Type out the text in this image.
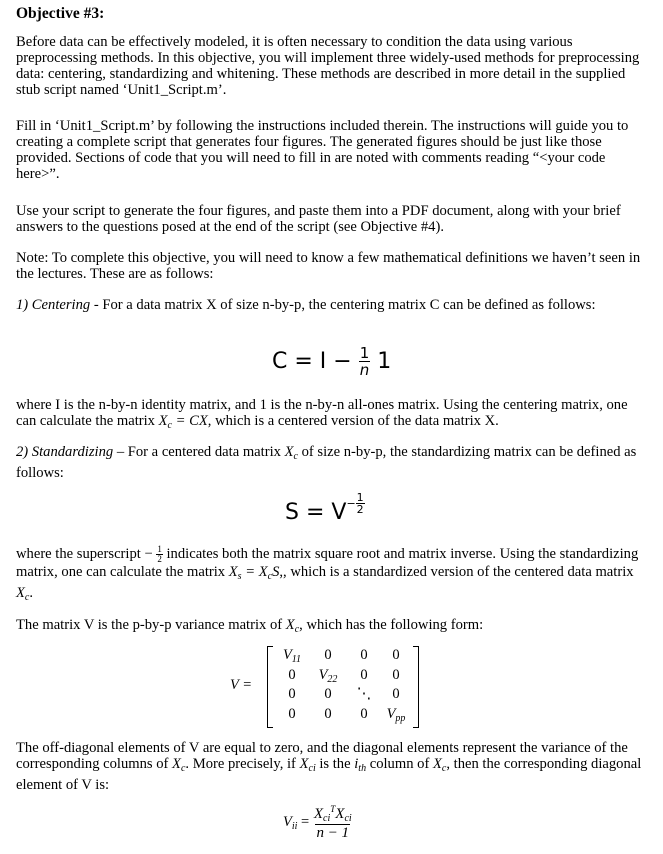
Objective #3:
Before data can be effectively modeled, it is often necessary to condition the data using various preprocessing methods. In this objective, you will implement three widely-used methods for preprocessing data: centering, standardizing and whitening. These methods are described in more detail in the supplied stub script named ‘Unit1_Script.m’.
Fill in ‘Unit1_Script.m’ by following the instructions included therein. The instructions will guide you to creating a complete script that generates four figures. The generated figures should be just like those provided. Sections of code that you will need to fill in are noted with comments reading “<your code here>”.
Use your script to generate the four figures, and paste them into a PDF document, along with your brief answers to the questions posed at the end of the script (see Objective #4).
Note: To complete this objective, you will need to know a few mathematical definitions we haven’t seen in the lectures. These are as follows:
1) Centering - For a data matrix X of size n-by-p, the centering matrix C can be defined as follows:
$C = I - \frac{1}{n} 1$
where I is the n-by-n identity matrix, and 1 is the n-by-n all-ones matrix. Using the centering matrix, one can calculate the matrix $X_c$ = CX, which is a centered version of the data matrix X.
2) Standardizing – For a centered data matrix $X_c$ of size n-by-p, the standardizing matrix can be defined as follows:
$S = V - \frac{1}{2}$
where the superscript − $\frac{1}{2}$ indicates both the matrix square root and matrix inverse. Using the standardizing matrix, one can calculate the matrix $X_s = X_cS$,, which is a standardized version of the centered data matrix $X_c$.
The matrix V is the p-by-p variance matrix of $X_c$, which has the following form:
V =
$V_{11}$	0	0	0
0	$V_{22}$	0	0
0	0	⋱	0
0	0	0	$V_{pp}$
The off-diagonal elements of V are equal to zero, and the diagonal elements represent the variance of the corresponding columns of $X_c$. More precisely, if $X_{ci}$ is the $i_{th}$ column of $X_c$, then the corresponding diagonal element of V is:
$V_{ii} = \frac{X_{ci}^TX_{ci}}{n - 1}$
